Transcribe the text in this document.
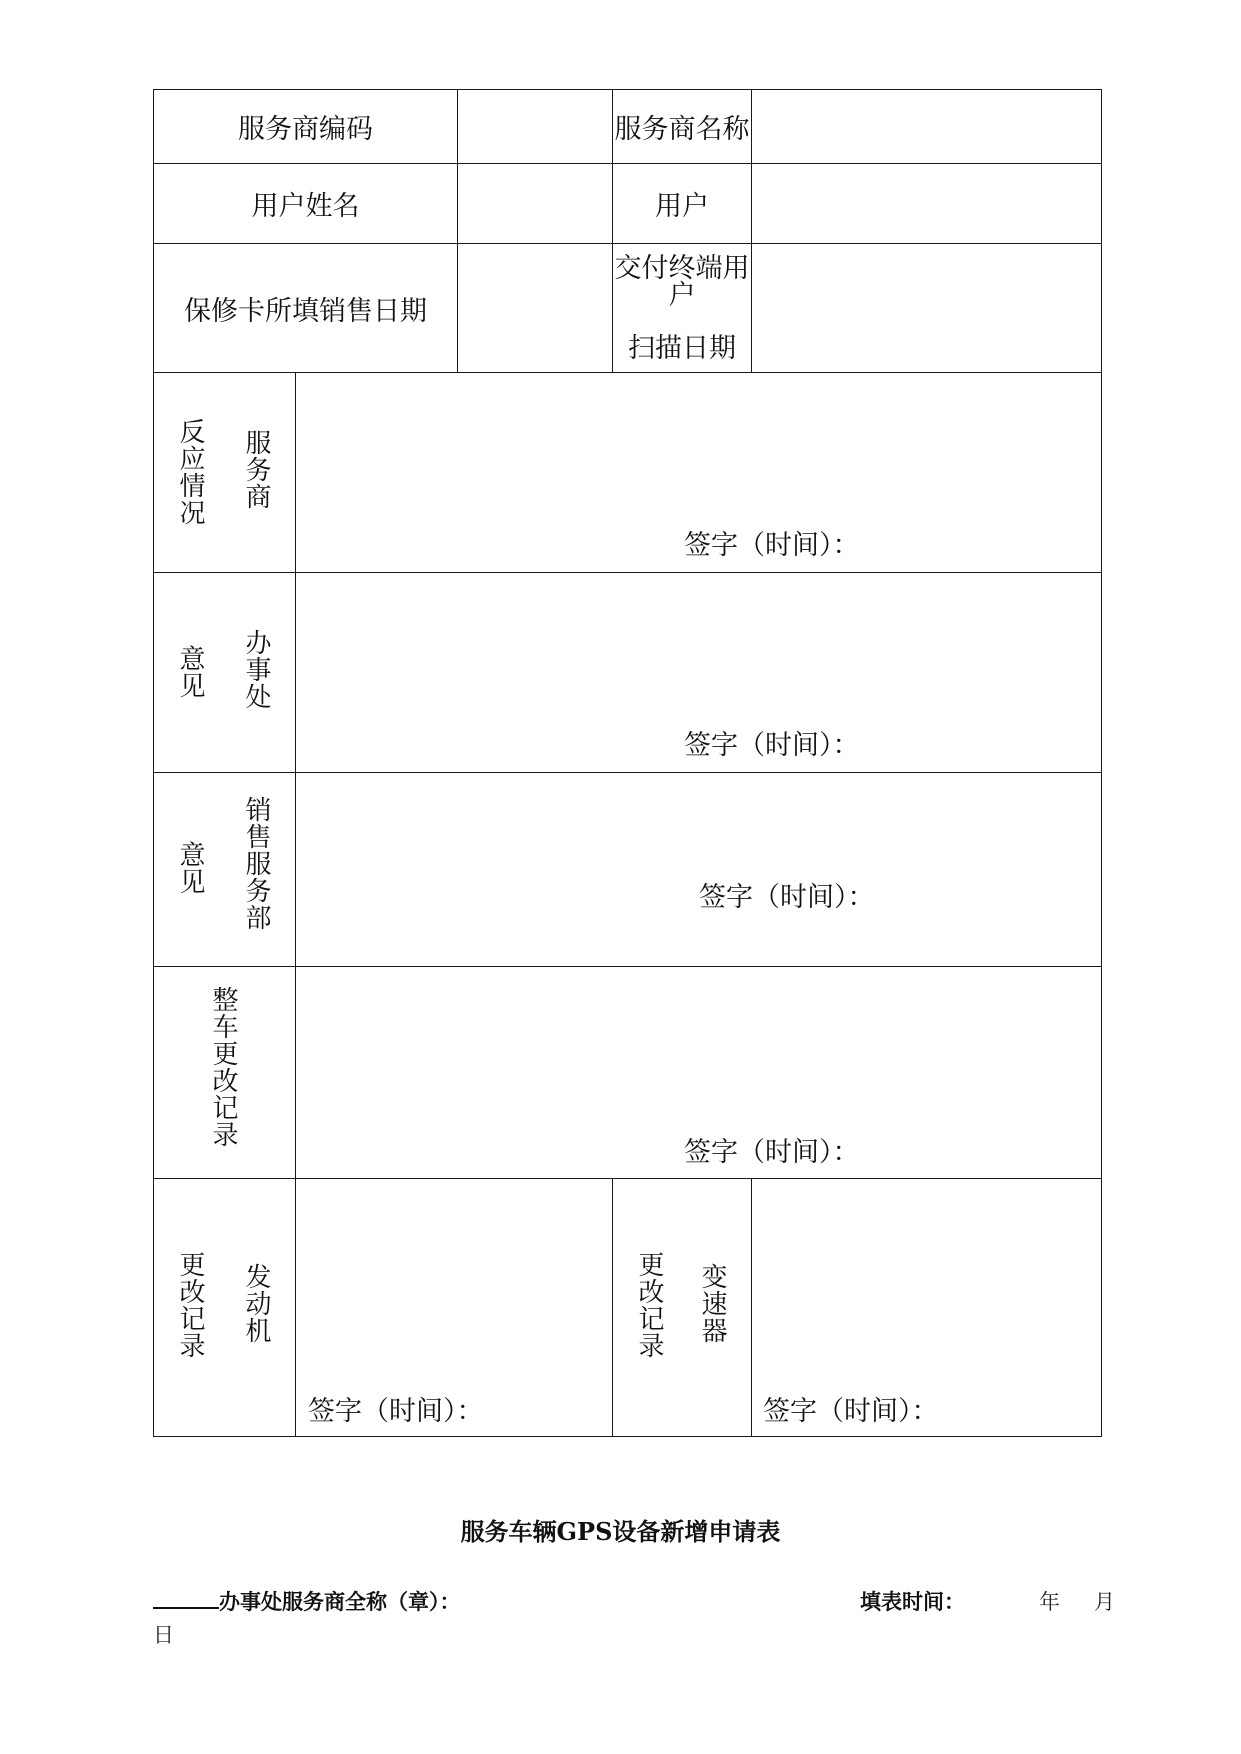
服务商编码			服务商名称	
用户姓名			用户	
保修卡所填销售日期			交付终端用户
扫描日期	

反应情况 服务商	签字（时间）：			

意见 办事处	签字（时间）：			

意见 销售服务部	签字（时间）：			

整车更改记录	签字（时间）：			

更改记录 发动机	签字（时间）：		更改记录 变速器	签字（时间）：
服务车辆GPS设备新增申请表
办事处服务商全称（章）：	填表时间：	年 月
日
